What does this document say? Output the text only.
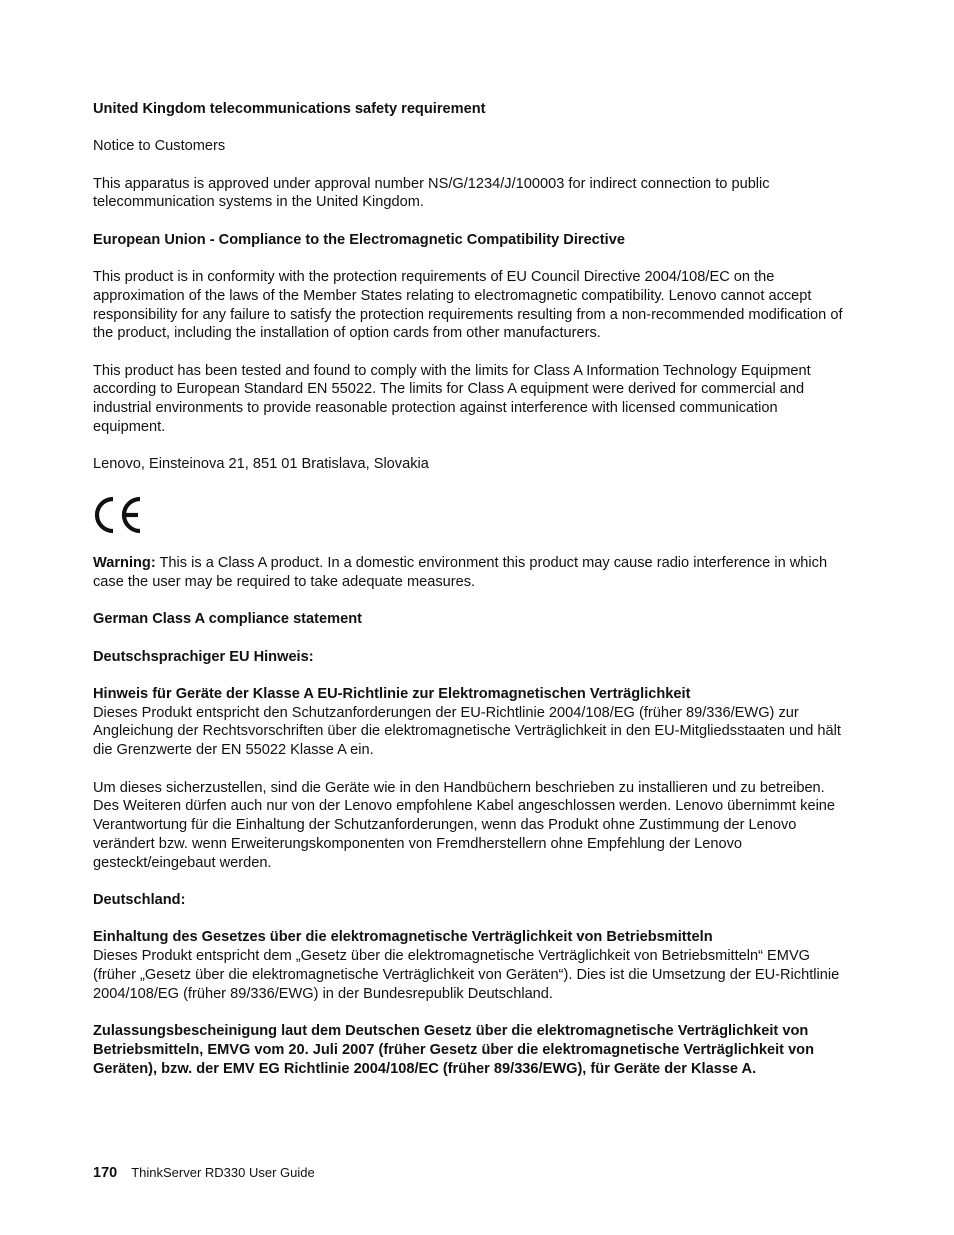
United Kingdom telecommunications safety requirement

Notice to Customers

This apparatus is approved under approval number NS/G/1234/J/100003 for indirect connection to public telecommunication systems in the United Kingdom.

European Union - Compliance to the Electromagnetic Compatibility Directive

This product is in conformity with the protection requirements of EU Council Directive 2004/108/EC on the approximation of the laws of the Member States relating to electromagnetic compatibility. Lenovo cannot accept responsibility for any failure to satisfy the protection requirements resulting from a non-recommended modification of the product, including the installation of option cards from other manufacturers.

This product has been tested and found to comply with the limits for Class A Information Technology Equipment according to European Standard EN 55022. The limits for Class A equipment were derived for commercial and industrial environments to provide reasonable protection against interference with licensed communication equipment.

Lenovo, Einsteinova 21, 851 01 Bratislava, Slovakia

Warning: This is a Class A product. In a domestic environment this product may cause radio interference in which case the user may be required to take adequate measures.

German Class A compliance statement

Deutschsprachiger EU Hinweis:

Hinweis für Geräte der Klasse A EU-Richtlinie zur Elektromagnetischen Verträglichkeit

Dieses Produkt entspricht den Schutzanforderungen der EU-Richtlinie 2004/108/EG (früher 89/336/EWG) zur Angleichung der Rechtsvorschriften über die elektromagnetische Verträglichkeit in den EU-Mitgliedsstaaten und hält die Grenzwerte der EN 55022 Klasse A ein.

Um dieses sicherzustellen, sind die Geräte wie in den Handbüchern beschrieben zu installieren und zu betreiben. Des Weiteren dürfen auch nur von der Lenovo empfohlene Kabel angeschlossen werden. Lenovo übernimmt keine Verantwortung für die Einhaltung der Schutzanforderungen, wenn das Produkt ohne Zustimmung der Lenovo verändert bzw. wenn Erweiterungskomponenten von Fremdherstellern ohne Empfehlung der Lenovo gesteckt/eingebaut werden.

Deutschland:

Einhaltung des Gesetzes über die elektromagnetische Verträglichkeit von Betriebsmitteln

Dieses Produkt entspricht dem „Gesetz über die elektromagnetische Verträglichkeit von Betriebsmitteln“ EMVG (früher „Gesetz über die elektromagnetische Verträglichkeit von Geräten“). Dies ist die Umsetzung der EU-Richtlinie 2004/108/EG (früher 89/336/EWG) in der Bundesrepublik Deutschland.

Zulassungsbescheinigung laut dem Deutschen Gesetz über die elektromagnetische Verträglichkeit von Betriebsmitteln, EMVG vom 20. Juli 2007 (früher Gesetz über die elektromagnetische Verträglichkeit von Geräten), bzw. der EMV EG Richtlinie 2004/108/EC (früher 89/336/EWG), für Geräte der Klasse A.

170 ThinkServer RD330 User Guide
